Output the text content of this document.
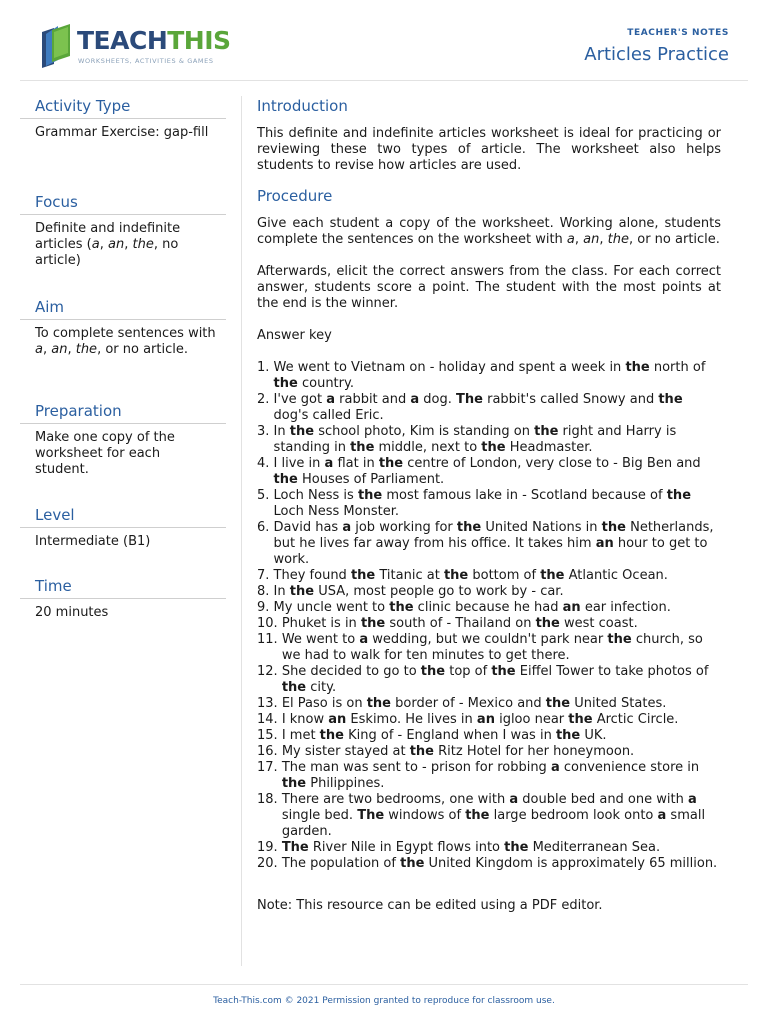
TEACHTHIS
WORKSHEETS, ACTIVITIES & GAMES
TEACHER'S NOTES
Articles Practice
Activity Type
Grammar Exercise: gap-fill
Focus
Definite and indefinite articles (a, an, the, no article)
Aim
To complete sentences with a, an, the, or no article.
Preparation
Make one copy of the worksheet for each student.
Level
Intermediate (B1)
Time
20 minutes
Introduction

This definite and indefinite articles worksheet is ideal for practicing or reviewing these two types of article. The worksheet also helps students to revise how articles are used.

Procedure

Give each student a copy of the worksheet. Working alone, students complete the sentences on the worksheet with a, an, the, or no article.

Afterwards, elicit the correct answers from the class. For each correct answer, students score a point. The student with the most points at the end is the winner.

Answer key

1. We went to Vietnam on - holiday and spent a week in the north of the country.
2. I've got a rabbit and a dog. The rabbit's called Snowy and the dog's called Eric.
3. In the school photo, Kim is standing on the right and Harry is standing in the middle, next to the Headmaster.
4. I live in a flat in the centre of London, very close to - Big Ben and the Houses of Parliament.
5. Loch Ness is the most famous lake in - Scotland because of the Loch Ness Monster.
6. David has a job working for the United Nations in the Netherlands, but he lives far away from his office. It takes him an hour to get to work.
7. They found the Titanic at the bottom of the Atlantic Ocean.
8. In the USA, most people go to work by - car.
9. My uncle went to the clinic because he had an ear infection.
10. Phuket is in the south of - Thailand on the west coast.
11. We went to a wedding, but we couldn't park near the church, so we had to walk for ten minutes to get there.
12. She decided to go to the top of the Eiffel Tower to take photos of the city.
13. El Paso is on the border of - Mexico and the United States.
14. I know an Eskimo. He lives in an igloo near the Arctic Circle.
15. I met the King of - England when I was in the UK.
16. My sister stayed at the Ritz Hotel for her honeymoon.
17. The man was sent to - prison for robbing a convenience store in the Philippines.
18. There are two bedrooms, one with a double bed and one with a single bed. The windows of the large bedroom look onto a small garden.
19. The River Nile in Egypt flows into the Mediterranean Sea.
20. The population of the United Kingdom is approximately 65 million.

Note: This resource can be edited using a PDF editor.

Teach-This.com © 2021 Permission granted to reproduce for classroom use.
